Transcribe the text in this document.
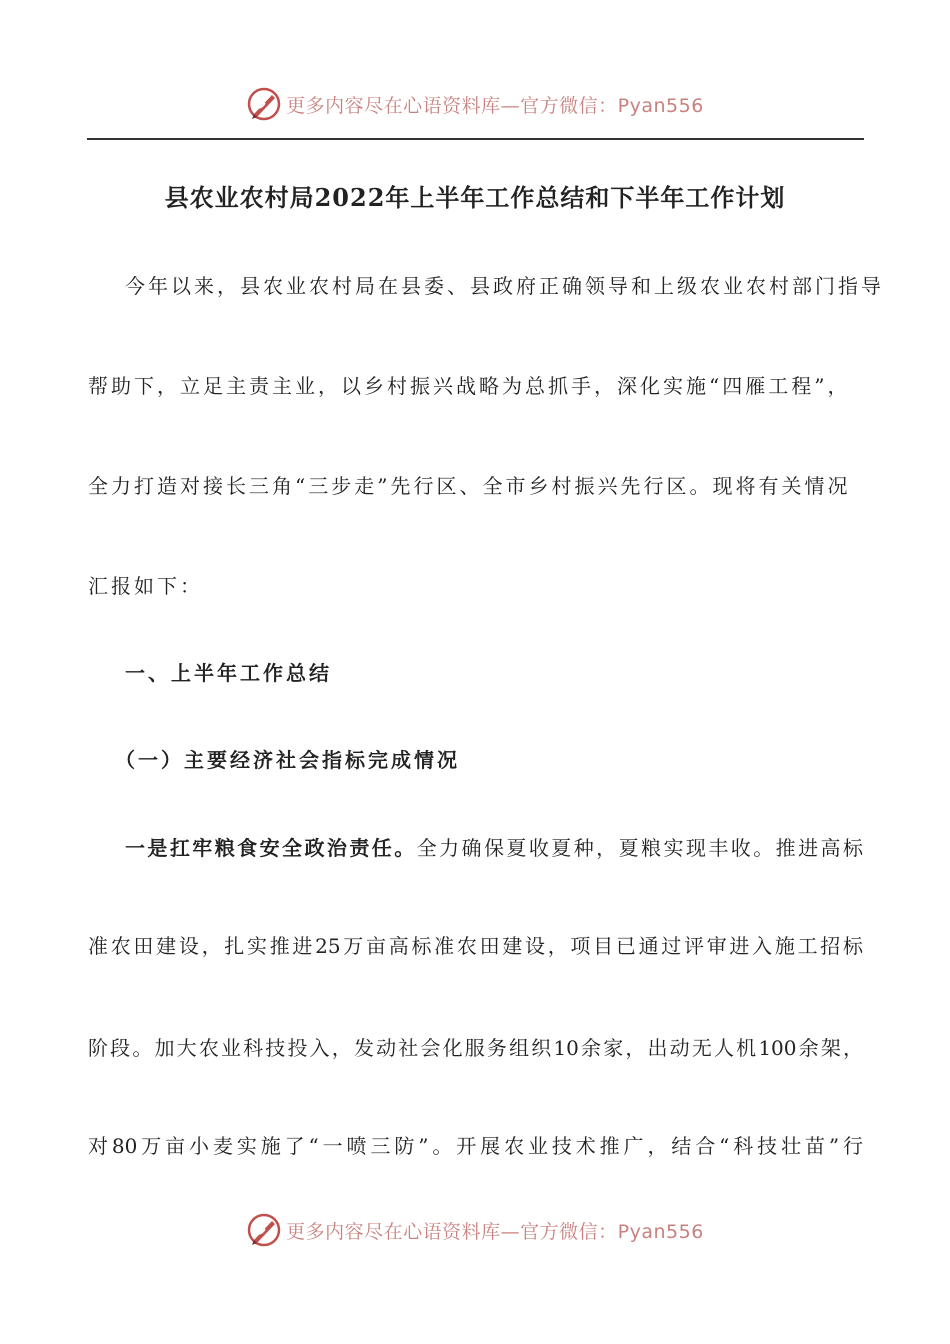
更多内容尽在心语资料库—官方微信：Pyan556
县农业农村局2022年上半年工作总结和下半年工作计划
今年以来，县农业农村局在县委、县政府正确领导和上级农业农村部门指导
帮助下，立足主责主业，以乡村振兴战略为总抓手，深化实施“四雁工程”，
全力打造对接长三角“三步走”先行区、全市乡村振兴先行区。现将有关情况
汇报如下：
一、上半年工作总结
（一）主要经济社会指标完成情况
一是扛牢粮食安全政治责任。全力确保夏收夏种，夏粮实现丰收。推进高标
准农田建设，扎实推进25万亩高标准农田建设，项目已通过评审进入施工招标
阶段。加大农业科技投入，发动社会化服务组织10余家，出动无人机100余架，
对80万亩小麦实施了“一喷三防”。开展农业技术推广，结合“科技壮苗”行
更多内容尽在心语资料库—官方微信：Pyan556
